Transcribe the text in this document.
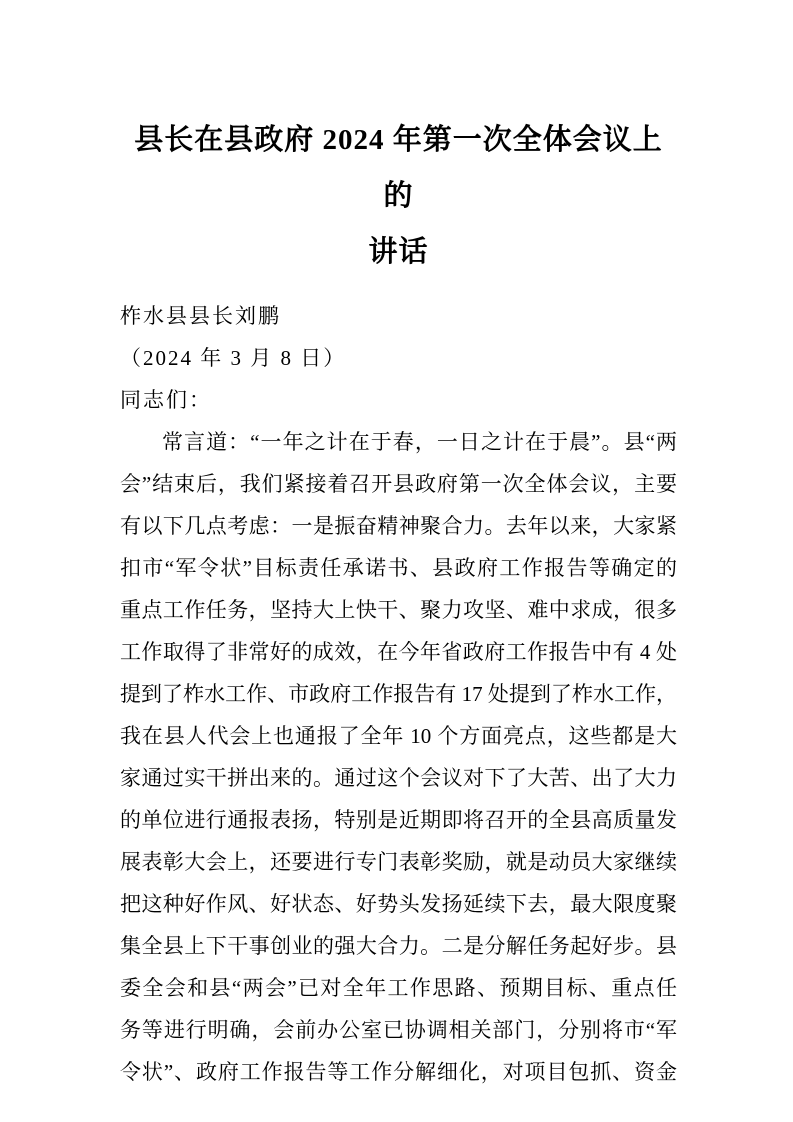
县长在县政府 2024 年第一次全体会议上的
讲话
柞水县县长刘鹏
（2024 年 3 月 8 日）
同志们：
常言道：“一年之计在于春，一日之计在于晨”。县“两
会”结束后，我们紧接着召开县政府第一次全体会议，主要
有以下几点考虑：一是振奋精神聚合力。去年以来，大家紧
扣市“军令状”目标责任承诺书、县政府工作报告等确定的
重点工作任务，坚持大上快干、聚力攻坚、难中求成，很多
工作取得了非常好的成效，在今年省政府工作报告中有 4 处
提到了柞水工作、市政府工作报告有 17 处提到了柞水工作，
我在县人代会上也通报了全年 10 个方面亮点，这些都是大
家通过实干拼出来的。通过这个会议对下了大苦、出了大力
的单位进行通报表扬，特别是近期即将召开的全县高质量发
展表彰大会上，还要进行专门表彰奖励，就是动员大家继续
把这种好作风、好状态、好势头发扬延续下去，最大限度聚
集全县上下干事创业的强大合力。二是分解任务起好步。县
委全会和县“两会”已对全年工作思路、预期目标、重点任
务等进行明确，会前办公室已协调相关部门，分别将市“军
令状”、政府工作报告等工作分解细化，对项目包抓、资金
